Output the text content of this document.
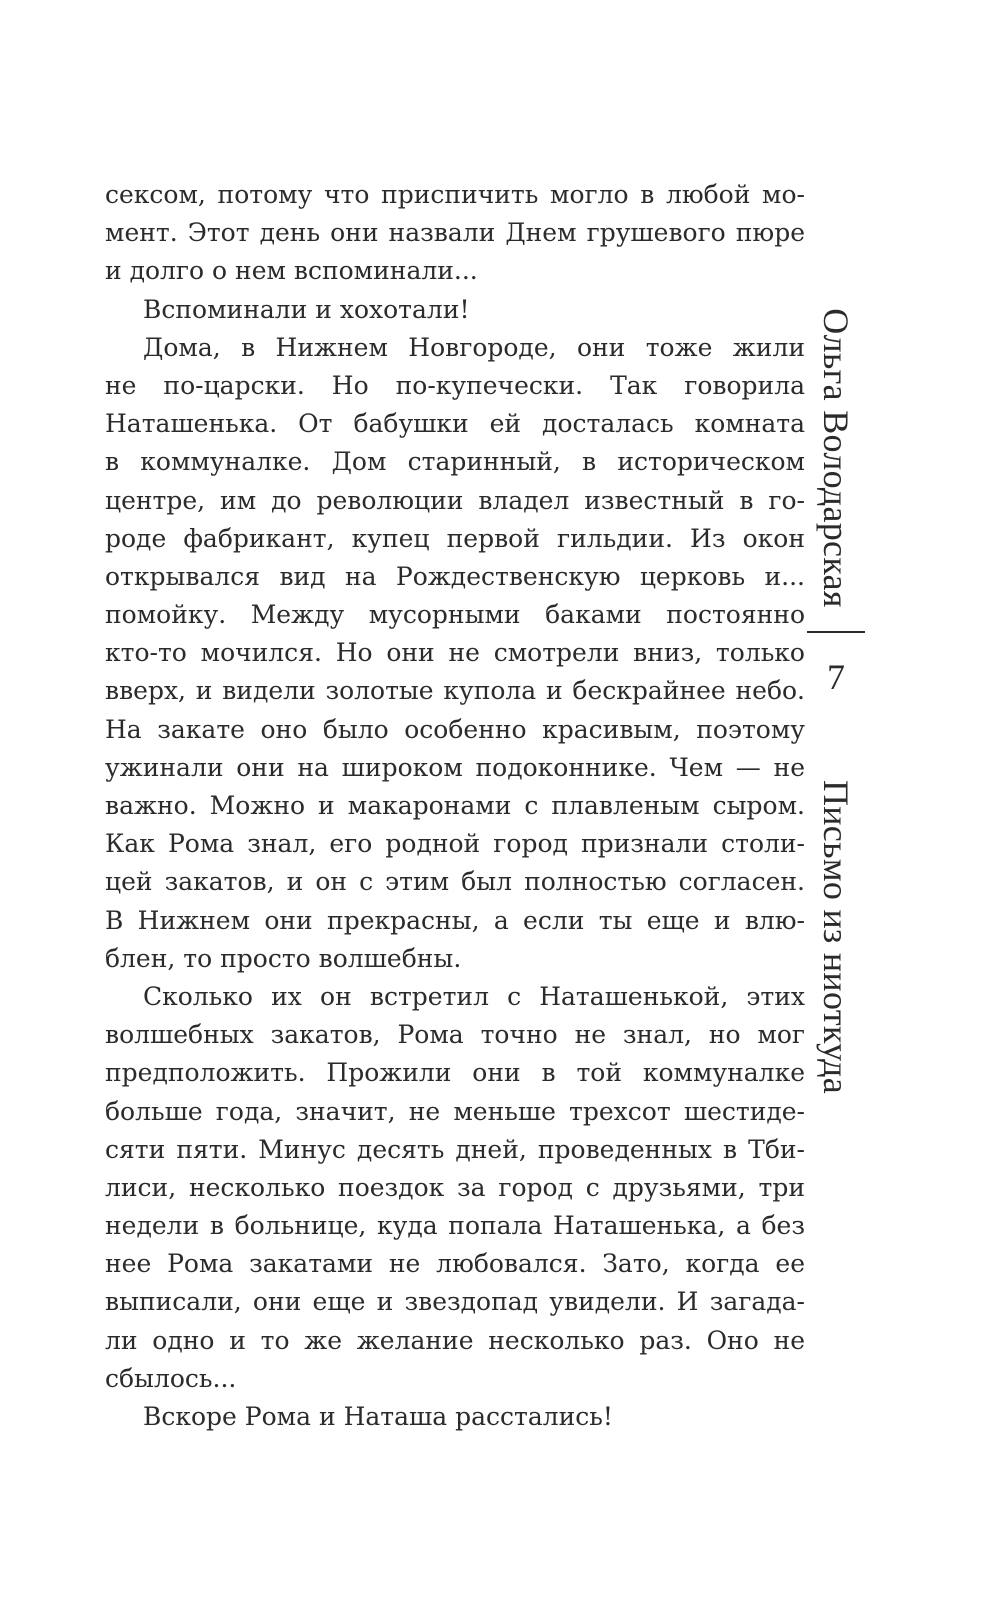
сексом, потому что приспичить могло в любой мо-
мент. Этот день они назвали Днем грушевого пюре
и долго о нем вспоминали...
Вспоминали и хохотали!
Дома, в Нижнем Новгороде, они тоже жили
не по-царски. Но по-купечески. Так говорила
Наташенька. От бабушки ей досталась комната
в коммуналке. Дом старинный, в историческом
центре, им до революции владел известный в го-
роде фабрикант, купец первой гильдии. Из окон
открывался вид на Рождественскую церковь и...
помойку. Между мусорными баками постоянно
кто-то мочился. Но они не смотрели вниз, только
вверх, и видели золотые купола и бескрайнее небо.
На закате оно было особенно красивым, поэтому
ужинали они на широком подоконнике. Чем — не
важно. Можно и макаронами с плавленым сыром.
Как Рома знал, его родной город признали столи-
цей закатов, и он с этим был полностью согласен.
В Нижнем они прекрасны, а если ты еще и влю-
блен, то просто волшебны.
Сколько их он встретил с Наташенькой, этих
волшебных закатов, Рома точно не знал, но мог
предположить. Прожили они в той коммуналке
больше года, значит, не меньше трехсот шестиде-
сяти пяти. Минус десять дней, проведенных в Тби-
лиси, несколько поездок за город с друзьями, три
недели в больнице, куда попала Наташенька, а без
нее Рома закатами не любовался. Зато, когда ее
выписали, они еще и звездопад увидели. И загада-
ли одно и то же желание несколько раз. Оно не
сбылось...
Вскоре Рома и Наташа расстались!
Ольга Володарская
7
Письмо из ниоткуда
